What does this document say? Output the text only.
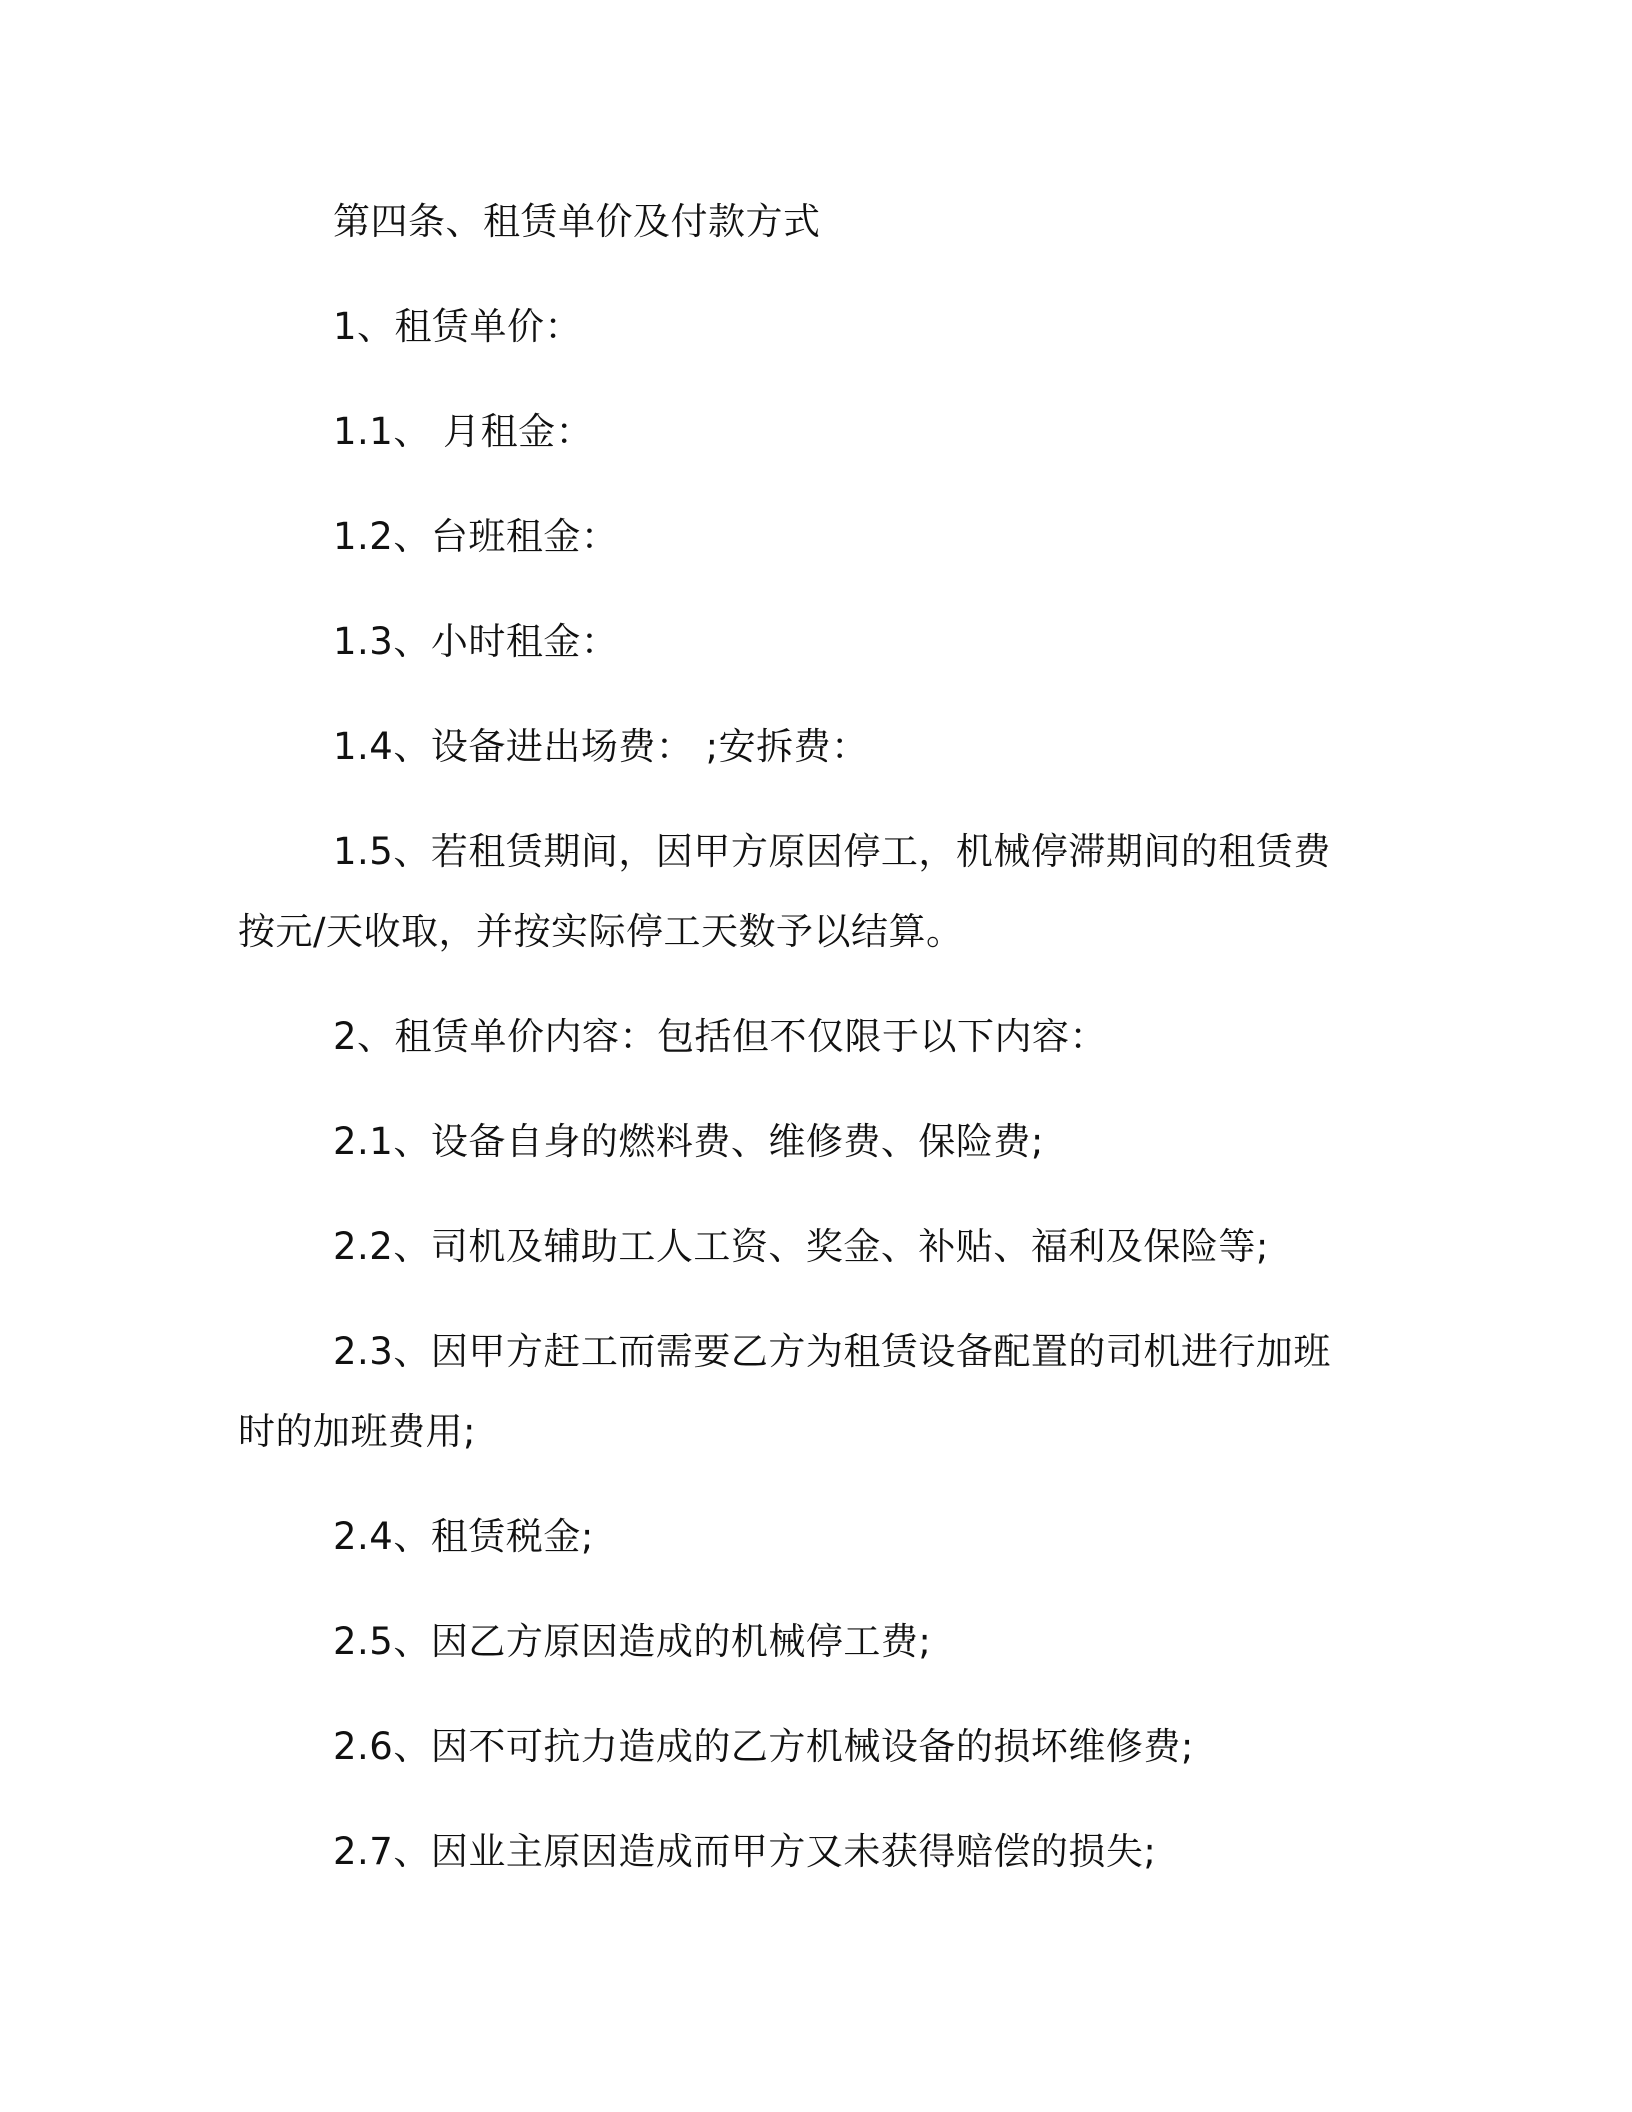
第四条、租赁单价及付款方式

1、租赁单价：

1.1、 月租金：

1.2、台班租金：

1.3、小时租金：

1.4、设备进出场费： ;安拆费：

1.5、若租赁期间，因甲方原因停工，机械停滞期间的租赁费按元/天收取，并按实际停工天数予以结算。

2、租赁单价内容：包括但不仅限于以下内容：

2.1、设备自身的燃料费、维修费、保险费;

2.2、司机及辅助工人工资、奖金、补贴、福利及保险等;

2.3、因甲方赶工而需要乙方为租赁设备配置的司机进行加班时的加班费用;

2.4、租赁税金;

2.5、因乙方原因造成的机械停工费;

2.6、因不可抗力造成的乙方机械设备的损坏维修费;

2.7、因业主原因造成而甲方又未获得赔偿的损失;
